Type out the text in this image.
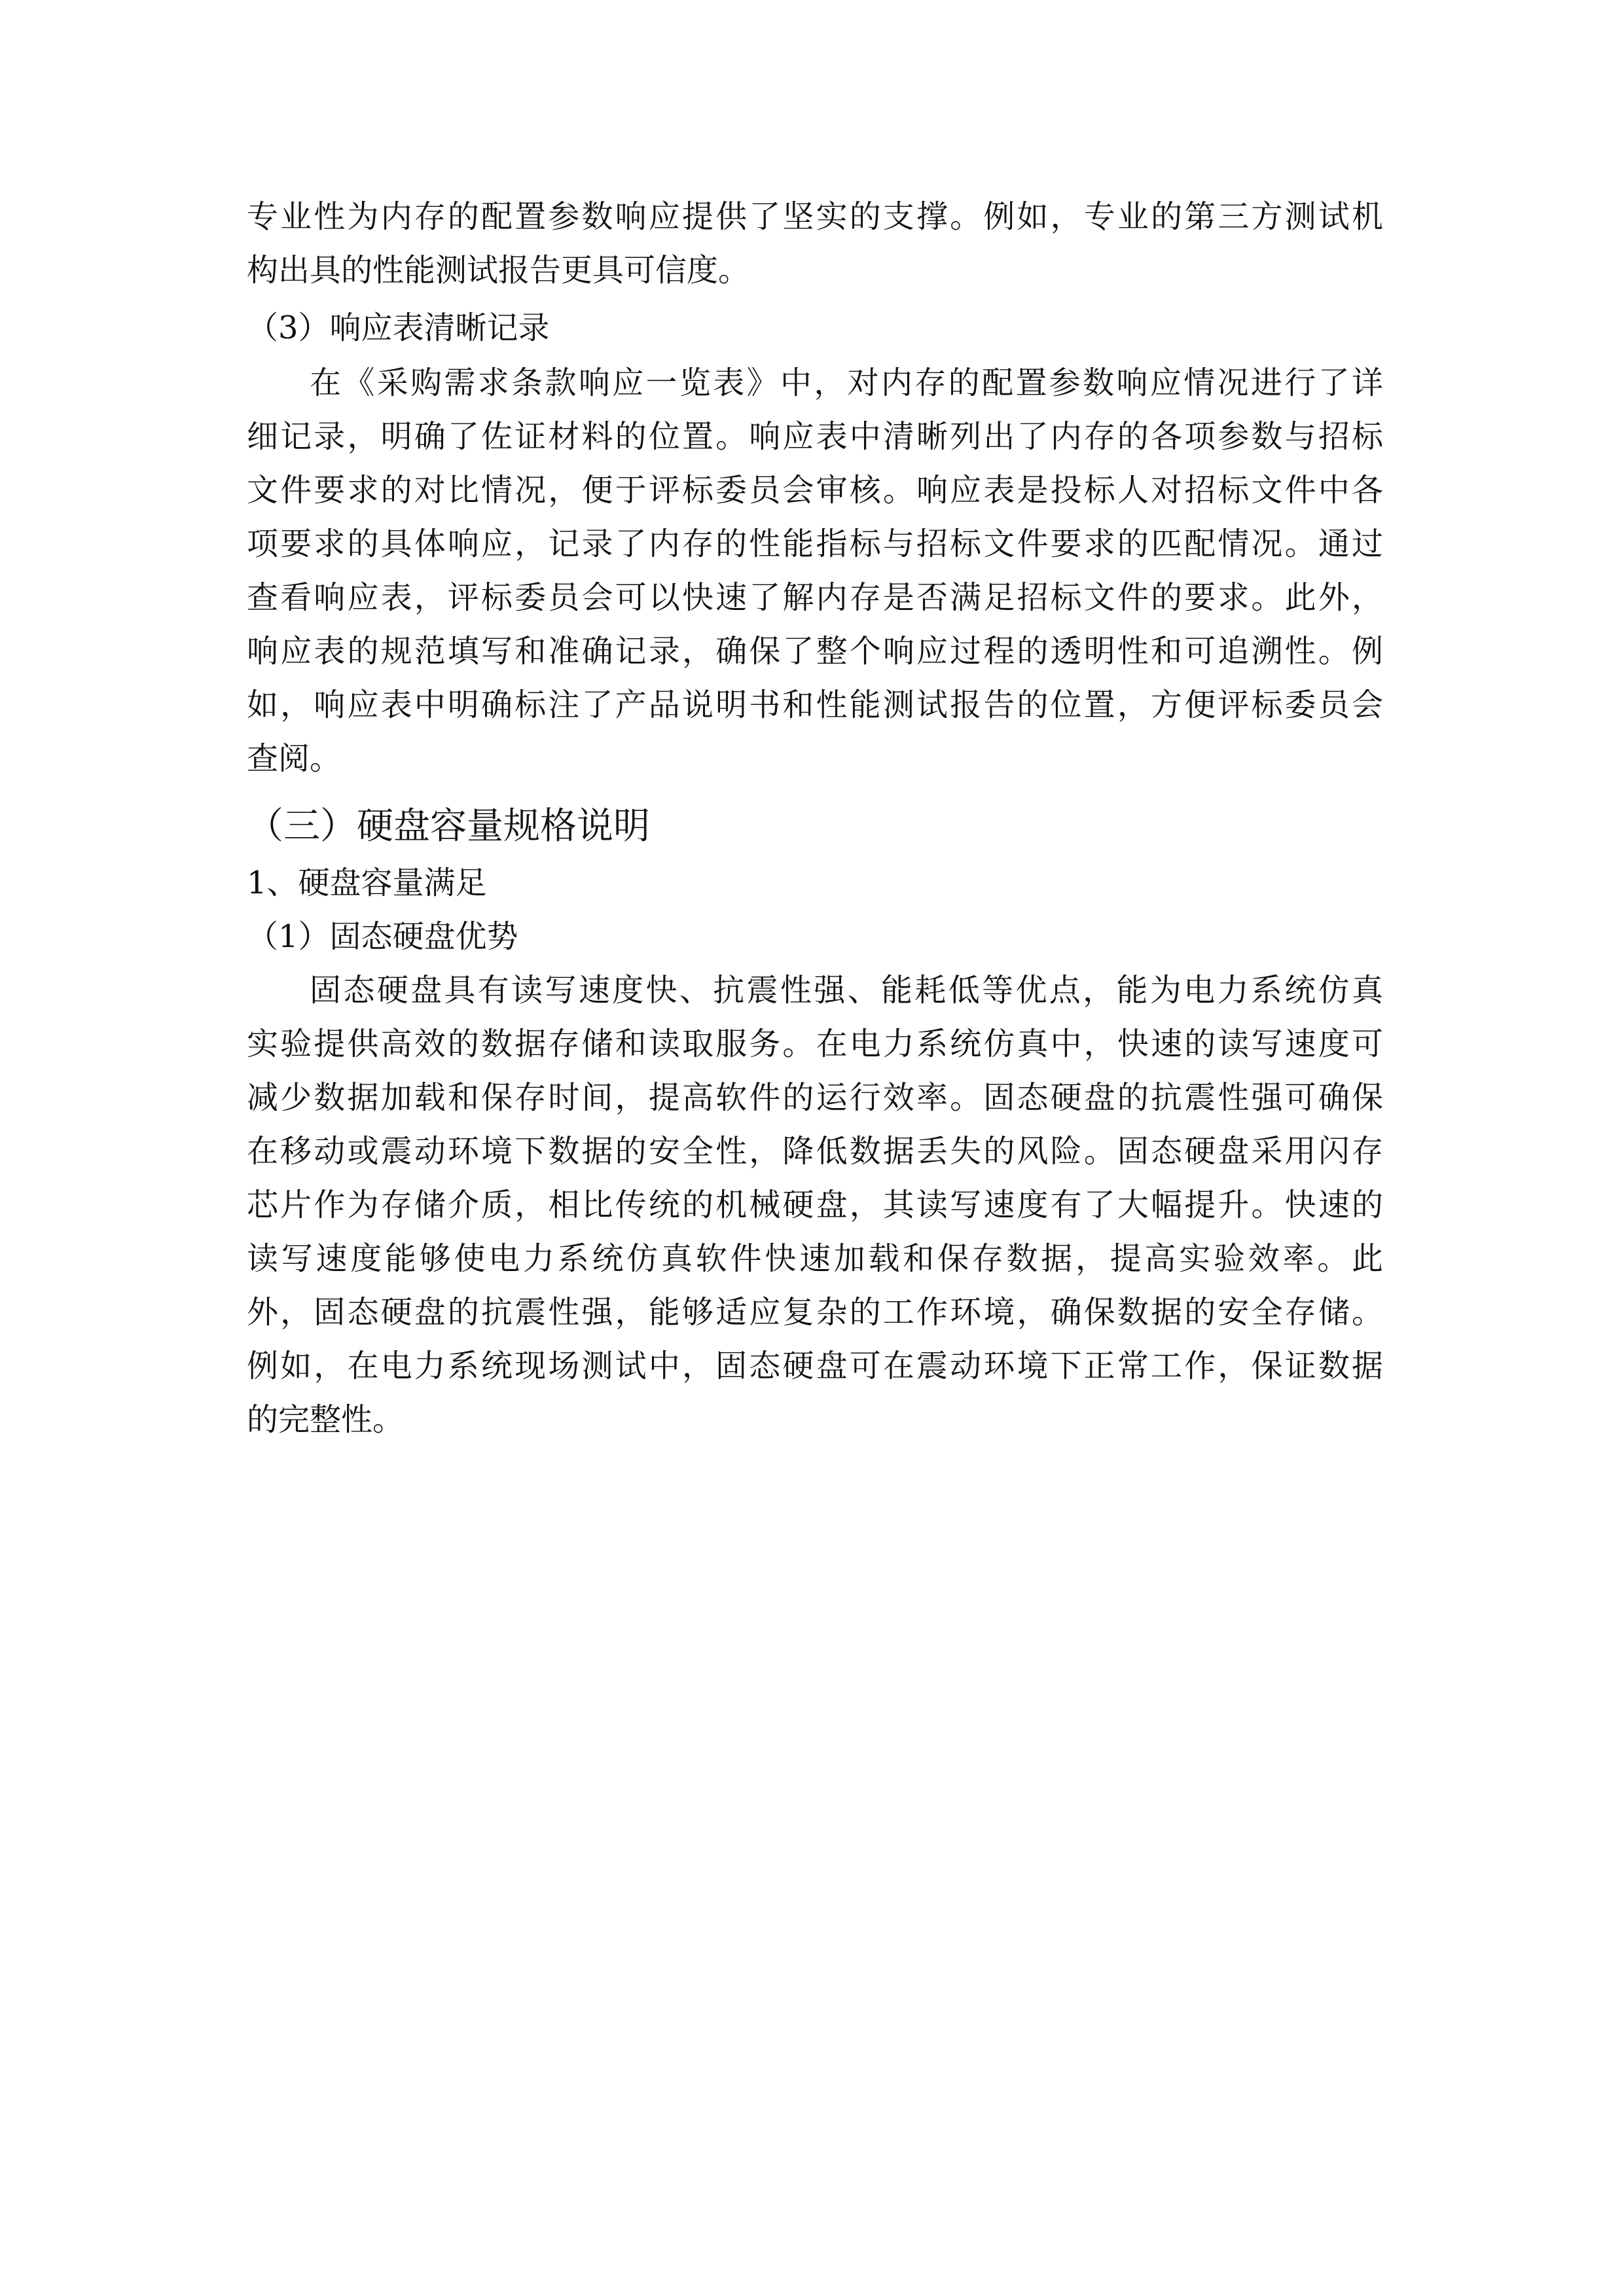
专业性为内存的配置参数响应提供了坚实的支撑。例如，专业的第三方测试机

构出具的性能测试报告更具可信度。

（3）响应表清晰记录

在《采购需求条款响应一览表》中，对内存的配置参数响应情况进行了详

细记录，明确了佐证材料的位置。响应表中清晰列出了内存的各项参数与招标

文件要求的对比情况，便于评标委员会审核。响应表是投标人对招标文件中各

项要求的具体响应，记录了内存的性能指标与招标文件要求的匹配情况。通过

查看响应表，评标委员会可以快速了解内存是否满足招标文件的要求。此外，

响应表的规范填写和准确记录，确保了整个响应过程的透明性和可追溯性。例

如，响应表中明确标注了产品说明书和性能测试报告的位置，方便评标委员会

查阅。

（三）硬盘容量规格说明

1、硬盘容量满足

（1）固态硬盘优势

固态硬盘具有读写速度快、抗震性强、能耗低等优点，能为电力系统仿真

实验提供高效的数据存储和读取服务。在电力系统仿真中，快速的读写速度可

减少数据加载和保存时间，提高软件的运行效率。固态硬盘的抗震性强可确保

在移动或震动环境下数据的安全性，降低数据丢失的风险。固态硬盘采用闪存

芯片作为存储介质，相比传统的机械硬盘，其读写速度有了大幅提升。快速的

读写速度能够使电力系统仿真软件快速加载和保存数据，提高实验效率。此

外，固态硬盘的抗震性强，能够适应复杂的工作环境，确保数据的安全存储。

例如，在电力系统现场测试中，固态硬盘可在震动环境下正常工作，保证数据

的完整性。
